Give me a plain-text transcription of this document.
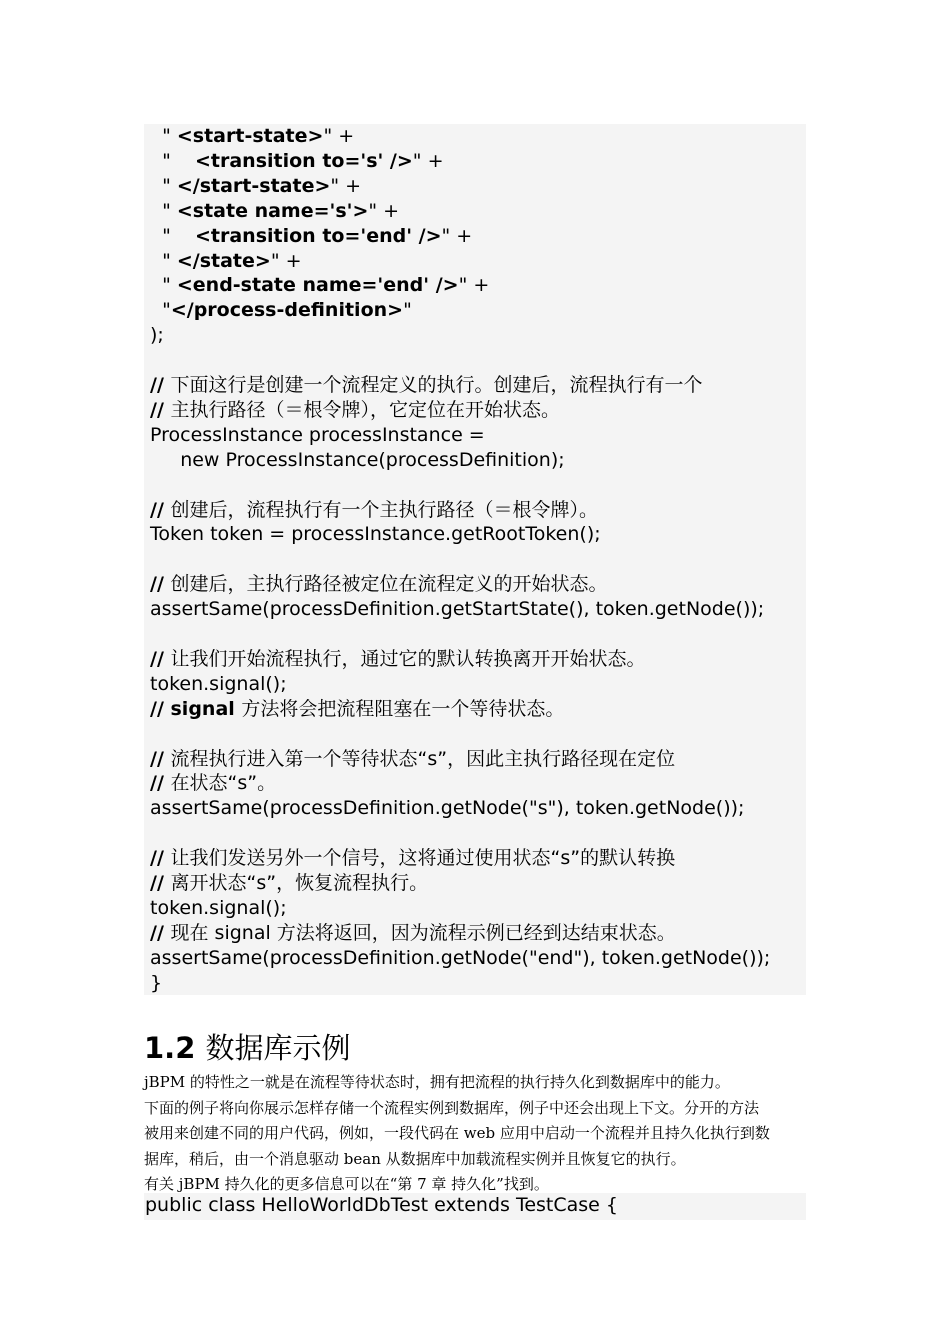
" <start-state>" +
"    <transition to='s' />" +
" </start-state>" +
" <state name='s'>" +
"    <transition to='end' />" +
" </state>" +
" <end-state name='end' />" +
"</process-definition>"
);
// 下面这行是创建一个流程定义的执行。创建后，流程执行有一个
// 主执行路径（＝根令牌），它定位在开始状态。
ProcessInstance processInstance =
new ProcessInstance(processDefinition);
// 创建后，流程执行有一个主执行路径（＝根令牌）。
Token token = processInstance.getRootToken();
// 创建后，主执行路径被定位在流程定义的开始状态。
assertSame(processDefinition.getStartState(), token.getNode());
// 让我们开始流程执行，通过它的默认转换离开开始状态。
token.signal();
// signal 方法将会把流程阻塞在一个等待状态。
// 流程执行进入第一个等待状态“s”，因此主执行路径现在定位
// 在状态“s”。
assertSame(processDefinition.getNode("s"), token.getNode());
// 让我们发送另外一个信号，这将通过使用状态“s”的默认转换
// 离开状态“s”，恢复流程执行。
token.signal();
// 现在 signal 方法将返回，因为流程示例已经到达结束状态。
assertSame(processDefinition.getNode("end"), token.getNode());
}
1.2 数据库示例
jBPM 的特性之一就是在流程等待状态时，拥有把流程的执行持久化到数据库中的能力。
下面的例子将向你展示怎样存储一个流程实例到数据库，例子中还会出现上下文。分开的方法
被用来创建不同的用户代码，例如，一段代码在 web 应用中启动一个流程并且持久化执行到数
据库，稍后，由一个消息驱动 bean 从数据库中加载流程实例并且恢复它的执行。
有关 jBPM 持久化的更多信息可以在“第 7 章 持久化”找到。
public class HelloWorldDbTest extends TestCase {
